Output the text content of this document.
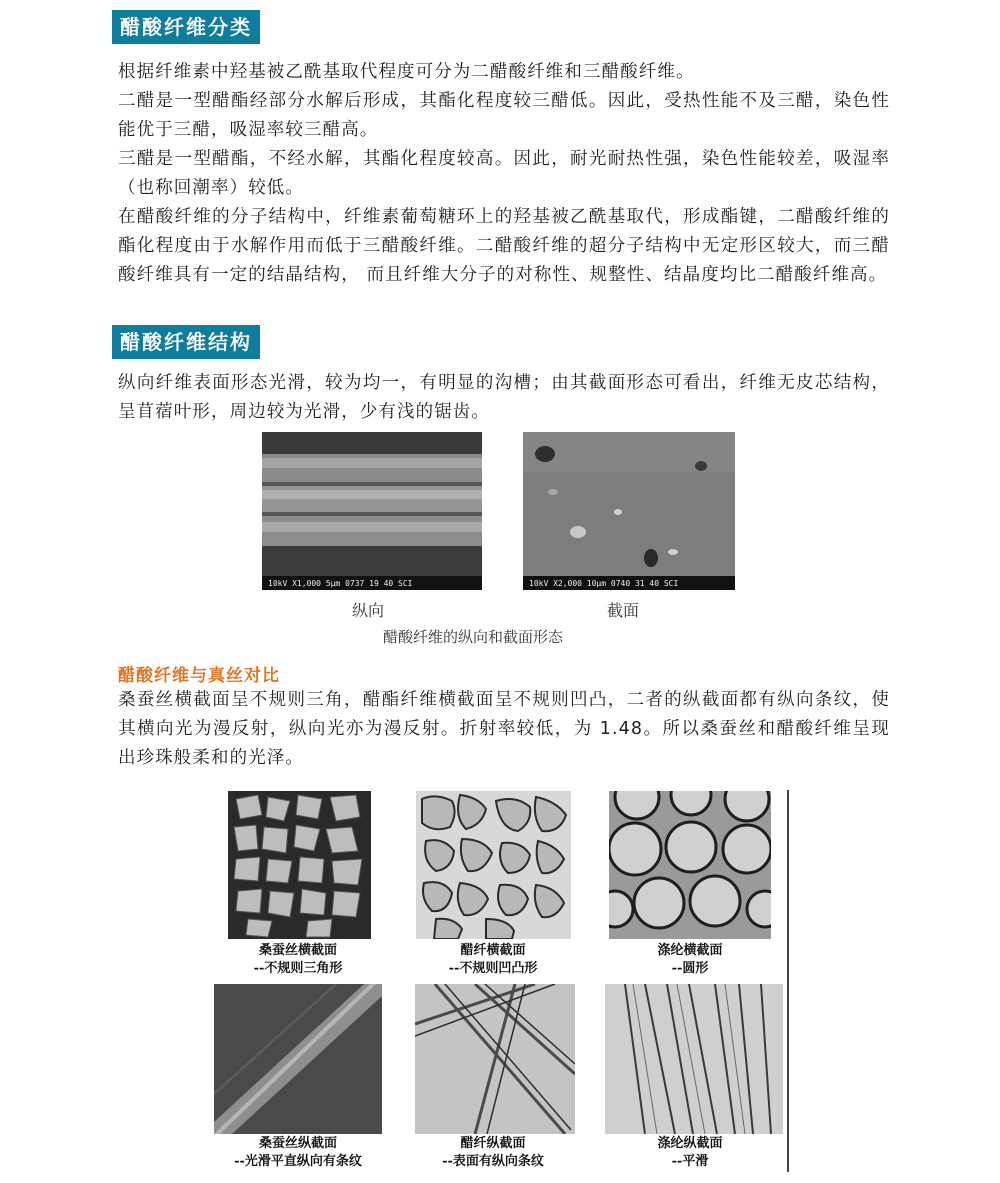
醋酸纤维分类

根据纤维素中羟基被乙酰基取代程度可分为二醋酸纤维和三醋酸纤维。

二醋是一型醋酯经部分水解后形成，其酯化程度较三醋低。因此，受热性能不及三醋，染色性能优于三醋，吸湿率较三醋高。

三醋是一型醋酯，不经水解，其酯化程度较高。因此，耐光耐热性强，染色性能较差，吸湿率（也称回潮率）较低。

在醋酸纤维的分子结构中，纤维素葡萄糖环上的羟基被乙酰基取代，形成酯键，二醋酸纤维的酯化程度由于水解作用而低于三醋酸纤维。二醋酸纤维的超分子结构中无定形区较大，而三醋酸纤维具有一定的结晶结构， 而且纤维大分子的对称性、规整性、结晶度均比二醋酸纤维高。

醋酸纤维结构

纵向纤维表面形态光滑，较为均一，有明显的沟槽；由其截面形态可看出，纤维无皮芯结构，呈苜蓿叶形，周边较为光滑，少有浅的锯齿。

10kV X1,000 5μm 0737 19 40 SCI	10kV X2,000 10μm 0740 31 40 SCI
纵向	截面
醋酸纤维的纵向和截面形态
醋酸纤维与真丝对比

桑蚕丝横截面呈不规则三角，醋酯纤维横截面呈不规则凹凸，二者的纵截面都有纵向条纹，使其横向光为漫反射，纵向光亦为漫反射。折射率较低，为 1.48。所以桑蚕丝和醋酸纤维呈现出珍珠般柔和的光泽。

桑蚕丝横截面
--不规则三角形
醋纤横截面
--不规则凹凸形
涤纶横截面
--圆形
桑蚕丝纵截面
--光滑平直纵向有条纹
醋纤纵截面
--表面有纵向条纹
涤纶纵截面
--平滑
